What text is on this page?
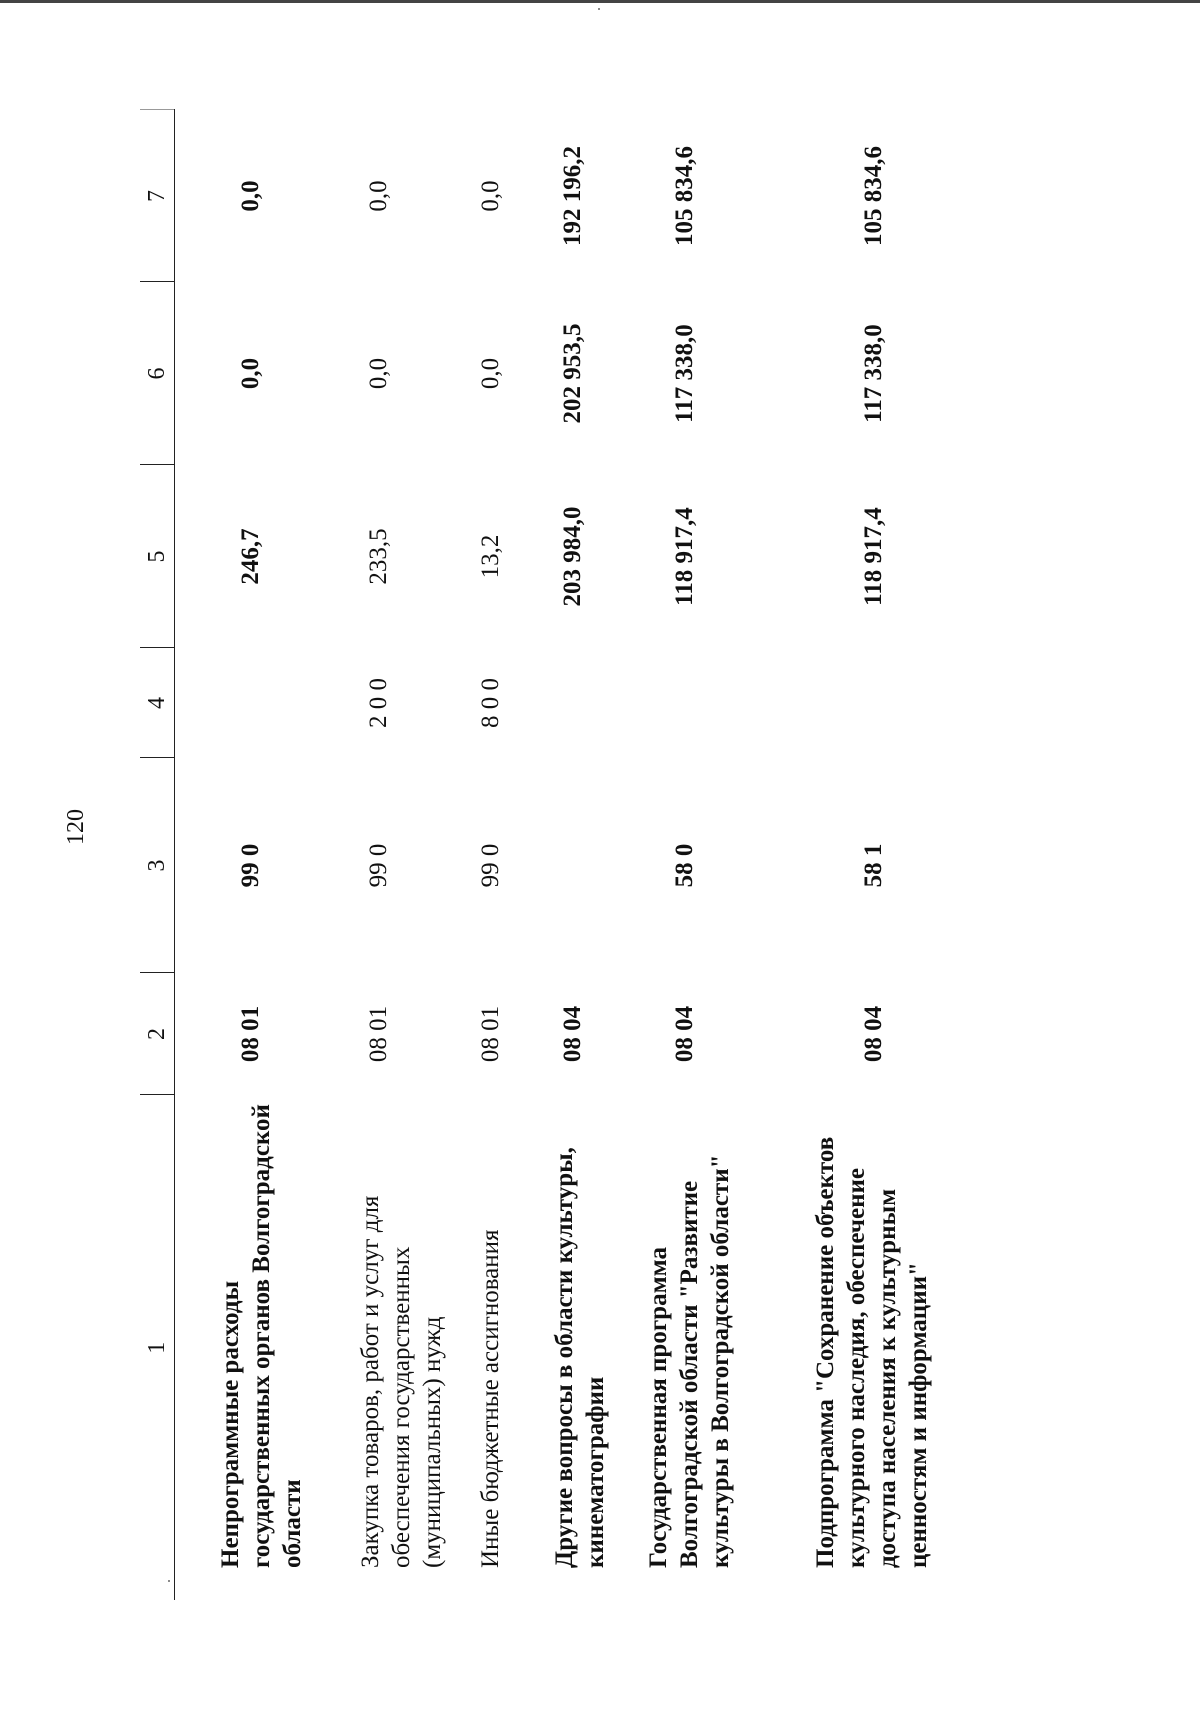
120
1	2	3	4	5	6	7
Непрограммные расходы государственных органов Волгоградской области	08 01	99 0		246,7	0,0	0,0
Закупка товаров, работ и услуг для обеспечения государственных (муниципальных) нужд	08 01	99 0	2 0 0	233,5	0,0	0,0
Иные бюджетные ассигнования	08 01	99 0	8 0 0	13,2	0,0	0,0
Другие вопросы в области культуры, кинематографии	08 04			203 984,0	202 953,5	192 196,2
Государственная программа Волгоградской области "Развитие культуры в Волгоградской области"	08 04	58 0		118 917,4	117 338,0	105 834,6
Подпрограмма "Сохранение объектов культурного наследия, обеспечение доступа населения к культурным ценностям и информации"	08 04	58 1		118 917,4	117 338,0	105 834,6
